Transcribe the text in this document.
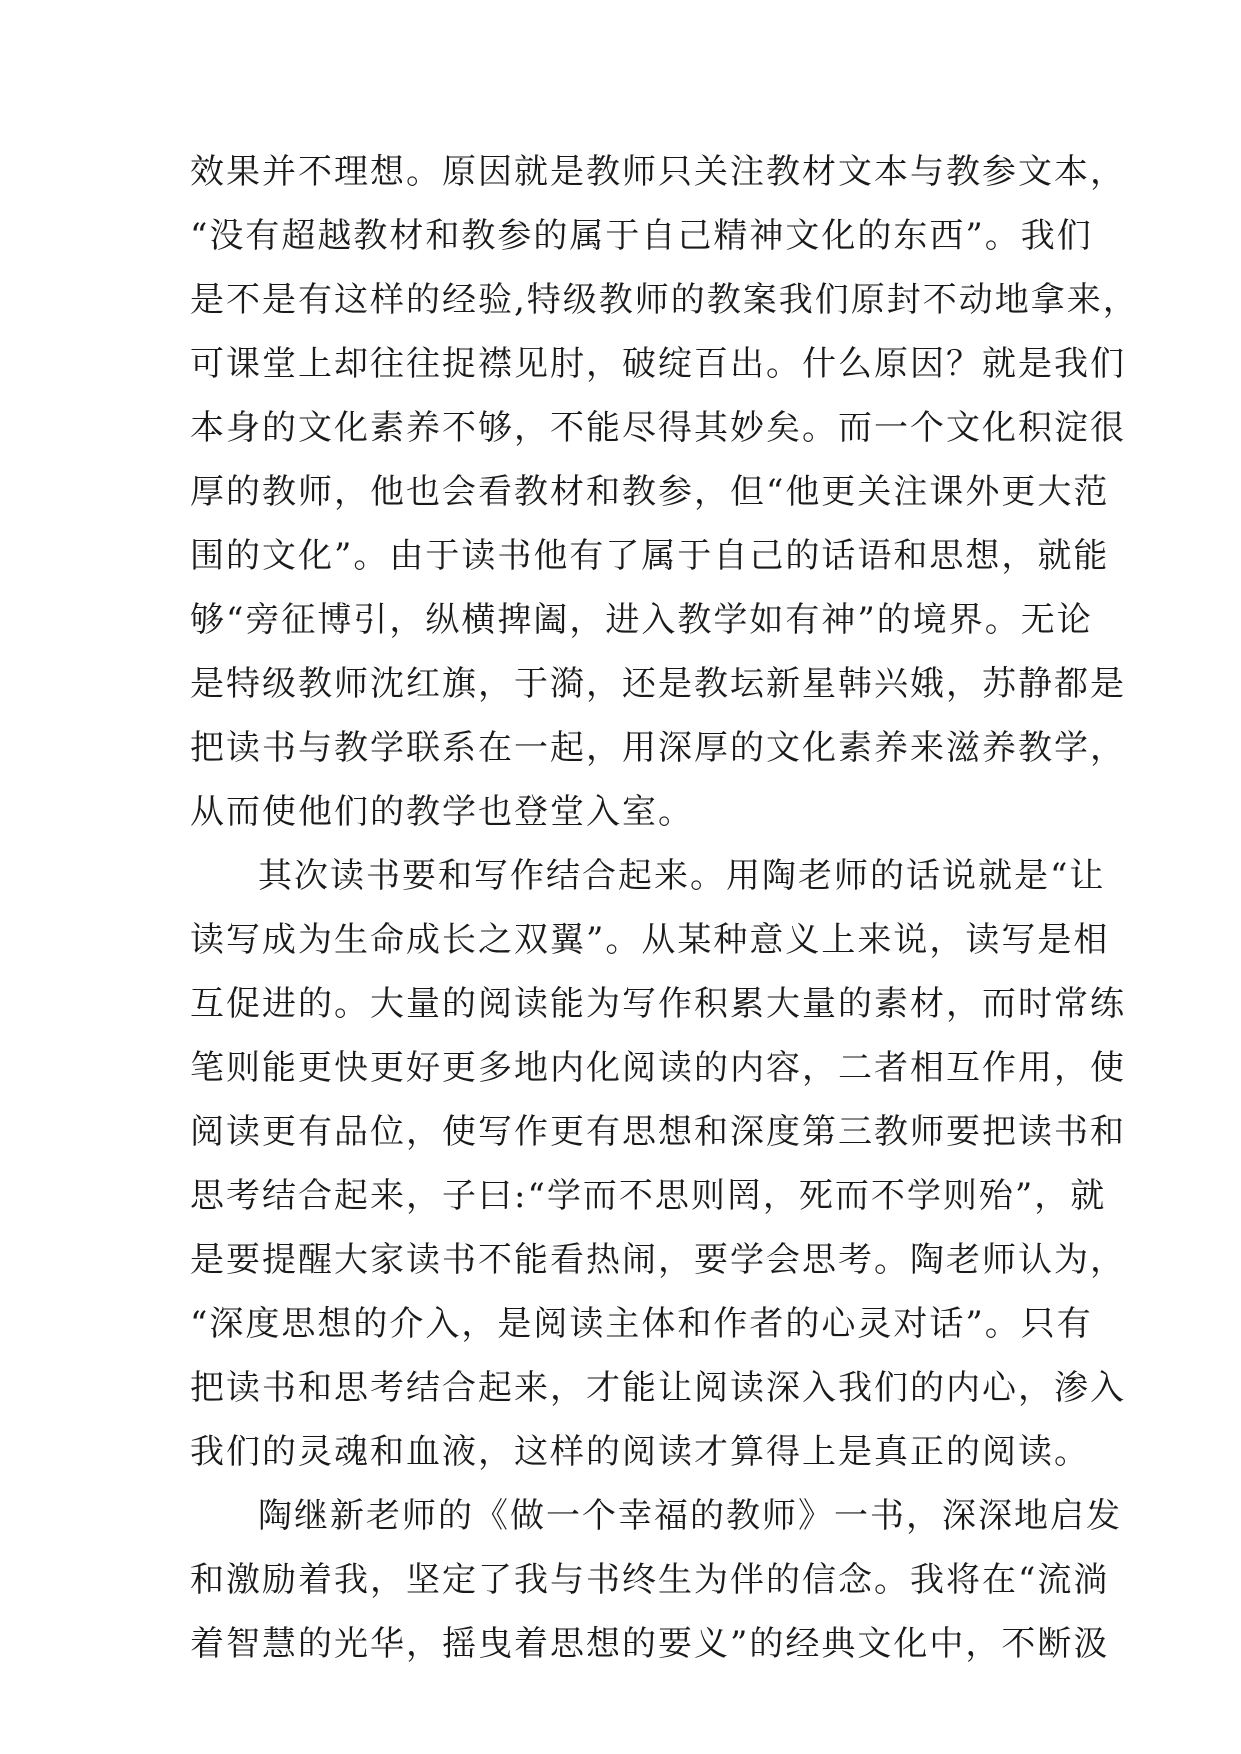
效果并不理想。原因就是教师只关注教材文本与教参文本，
“没有超越教材和教参的属于自己精神文化的东西”。我们
是不是有这样的经验,特级教师的教案我们原封不动地拿来，
可课堂上却往往捉襟见肘，破绽百出。什么原因？就是我们
本身的文化素养不够，不能尽得其妙矣。而一个文化积淀很
厚的教师，他也会看教材和教参，但“他更关注课外更大范
围的文化”。由于读书他有了属于自己的话语和思想，就能
够“旁征博引，纵横捭阖，进入教学如有神”的境界。无论
是特级教师沈红旗，于漪，还是教坛新星韩兴娥，苏静都是
把读书与教学联系在一起，用深厚的文化素养来滋养教学，
从而使他们的教学也登堂入室。
其次读书要和写作结合起来。用陶老师的话说就是“让
读写成为生命成长之双翼”。从某种意义上来说，读写是相
互促进的。大量的阅读能为写作积累大量的素材，而时常练
笔则能更快更好更多地内化阅读的内容，二者相互作用，使
阅读更有品位，使写作更有思想和深度第三教师要把读书和
思考结合起来，子曰:“学而不思则罔，死而不学则殆”，就
是要提醒大家读书不能看热闹，要学会思考。陶老师认为，
“深度思想的介入，是阅读主体和作者的心灵对话”。只有
把读书和思考结合起来，才能让阅读深入我们的内心，渗入
我们的灵魂和血液，这样的阅读才算得上是真正的阅读。
陶继新老师的《做一个幸福的教师》一书，深深地启发
和激励着我，坚定了我与书终生为伴的信念。我将在“流淌
着智慧的光华，摇曳着思想的要义”的经典文化中，不断汲
